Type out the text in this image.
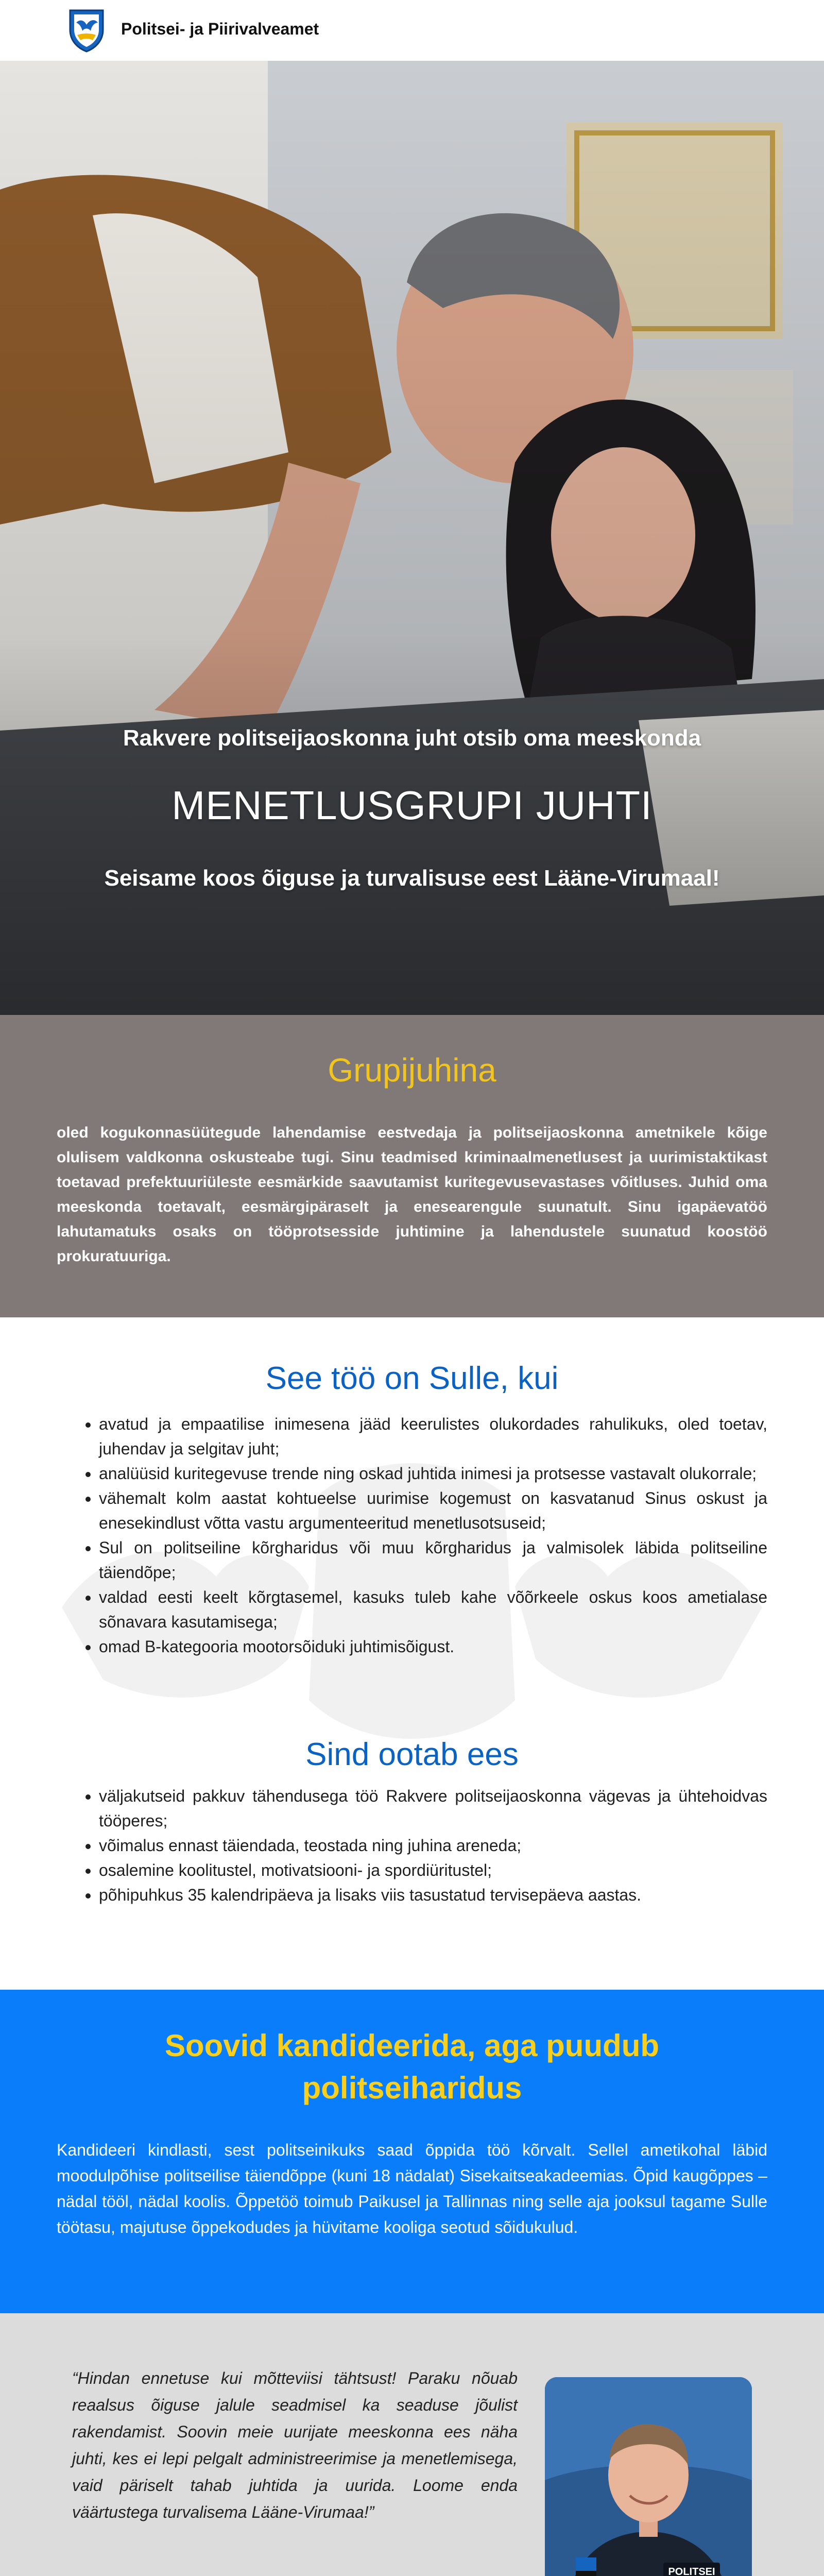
Politsei- ja Piirivalveamet
Rakvere politseijaoskonna juht otsib oma meeskonda
MENETLUSGRUPI JUHTI
Seisame koos õiguse ja turvalisuse eest Lääne-Virumaal!
Grupijuhina
oled kogukonnasüütegude lahendamise eestvedaja ja politseijaoskonna ametnikele kõige olulisem valdkonna oskusteabe tugi. Sinu teadmised kriminaalmenetlusest ja uurimistaktikast toetavad prefektuuriüleste eesmärkide saavutamist kuritegevusevastases võitluses. Juhid oma meeskonda toetavalt, eesmärgipäraselt ja enesearengule suunatult. Sinu igapäevatöö lahutamatuks osaks on tööprotsesside juhtimine ja lahendustele suunatud koostöö prokuratuuriga.
See töö on Sulle, kui
• avatud ja empaatilise inimesena jääd keerulistes olukordades rahulikuks, oled toetav, juhendav ja selgitav juht;
• analüüsid kuritegevuse trende ning oskad juhtida inimesi ja protsesse vastavalt olukorrale;
• vähemalt kolm aastat kohtueelse uurimise kogemust on kasvatanud Sinus oskust ja enesekindlust võtta vastu argumenteeritud menetlusotsuseid;
• Sul on politseiline kõrgharidus või muu kõrgharidus ja valmisolek läbida politseiline täiendõpe;
• valdad eesti keelt kõrgtasemel, kasuks tuleb kahe võõrkeele oskus koos ametialase sõnavara kasutamisega;
• omad B-kategooria mootorsõiduki juhtimisõigust.
Sind ootab ees
• väljakutseid pakkuv tähendusega töö Rakvere politseijaoskonna vägevas ja ühtehoidvas tööperes;
• võimalus ennast täiendada, teostada ning juhina areneda;
• osalemine koolitustel, motivatsiooni- ja spordiüritustel;
• põhipuhkus 35 kalendripäeva ja lisaks viis tasustatud tervisepäeva aastas.
Soovid kandideerida, aga puudub politseiharidus
Kandideeri kindlasti, sest politseinikuks saad õppida töö kõrvalt. Sellel ametikohal läbid moodulpõhise politseilise täiendõppe (kuni 18 nädalat) Sisekaitseakadeemias. Õpid kaugõppes – nädal tööl, nädal koolis. Õppetöö toimub Paikusel ja Tallinnas ning selle aja jooksul tagame Sulle töötasu, majutuse õppekodudes ja hüvitame kooliga seotud sõidukulud.
“Hindan ennetuse kui mõtteviisi tähtsust! Paraku nõuab reaalsus õiguse jalule seadmisel ka seaduse jõulist rakendamist. Soovin meie uurijate meeskonna ees näha juhti, kes ei lepi pelgalt administreerimise ja menetlemisega, vaid päriselt tahab juhtida ja uurida. Loome enda väärtustega turvalisema Lääne-Virumaa!”
POLITSEI
